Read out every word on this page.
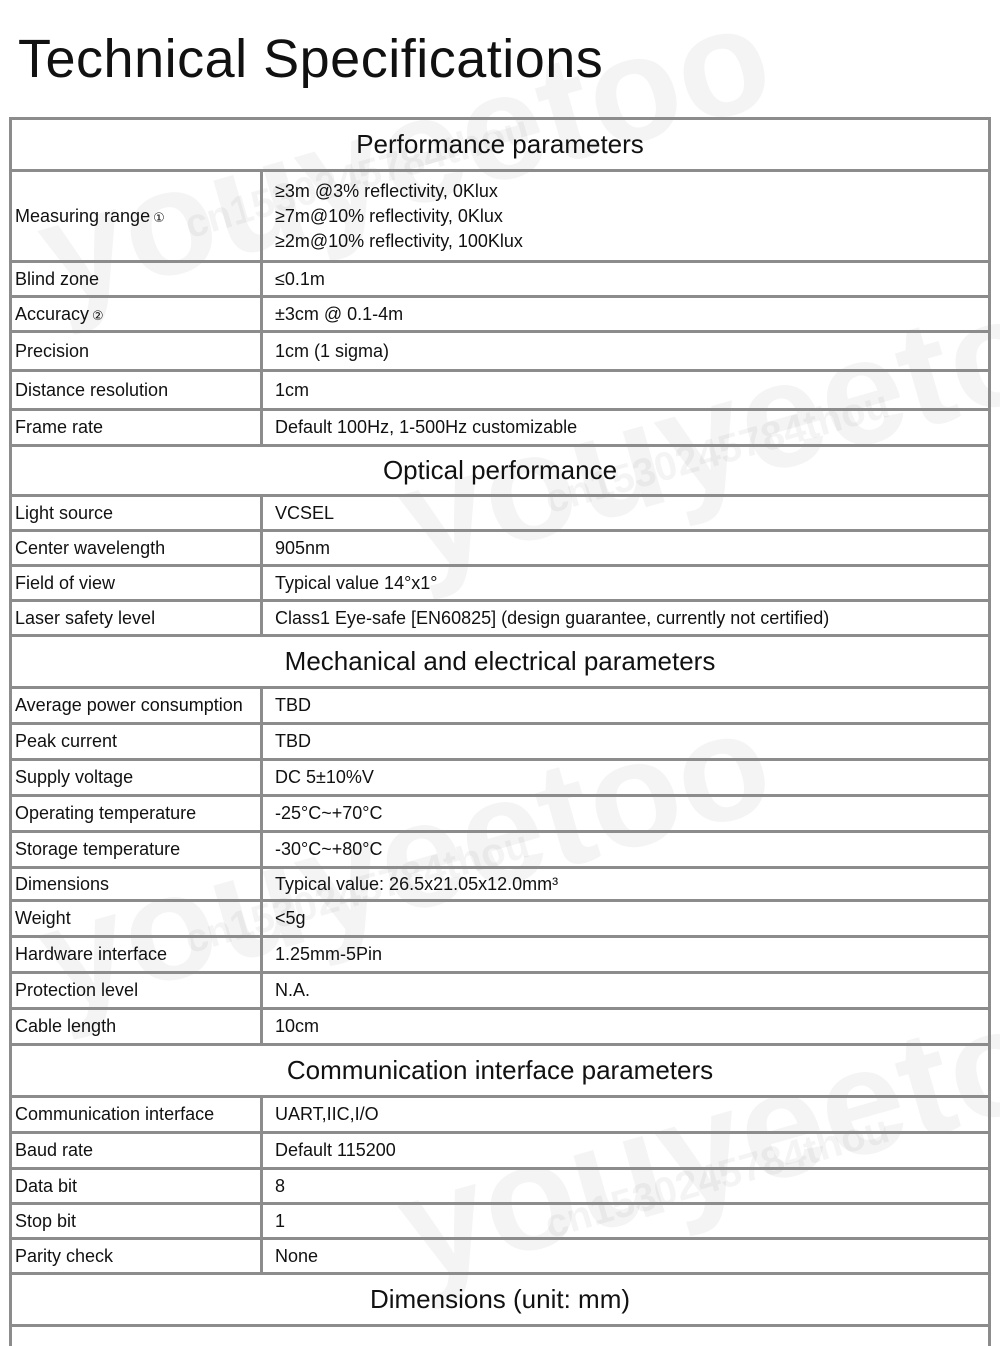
Technical Specifications
Performance parameters	
Measuring range ①	≥3m @3% reflectivity, 0Klux
≥7m@10% reflectivity, 0Klux
≥2m@10% reflectivity, 100Klux

Blind zone	≤0.1m
Accuracy ②	±3cm @ 0.1-4m
Precision	1cm (1 sigma)
Distance resolution	1cm
Frame rate	Default 100Hz, 1-500Hz customizable
Optical performance	
Light source	VCSEL
Center wavelength	905nm
Field of view	Typical value 14°x1°
Laser safety level	Class1 Eye-safe [EN60825] (design guarantee, currently not certified)
Mechanical and electrical parameters	
Average power consumption	TBD
Peak current	TBD
Supply voltage	DC 5±10%V
Operating temperature	-25°C~+70°C
Storage temperature	-30°C~+80°C
Dimensions	Typical value: 26.5x21.05x12.0mm³
Weight	<5g
Hardware interface	1.25mm-5Pin
Protection level	N.A.
Cable length	10cm
Communication interface parameters	
Communication interface	UART,IIC,I/O
Baud rate	Default 115200
Data bit	8
Stop bit	1
Parity check	None
Dimensions (unit: mm)	
